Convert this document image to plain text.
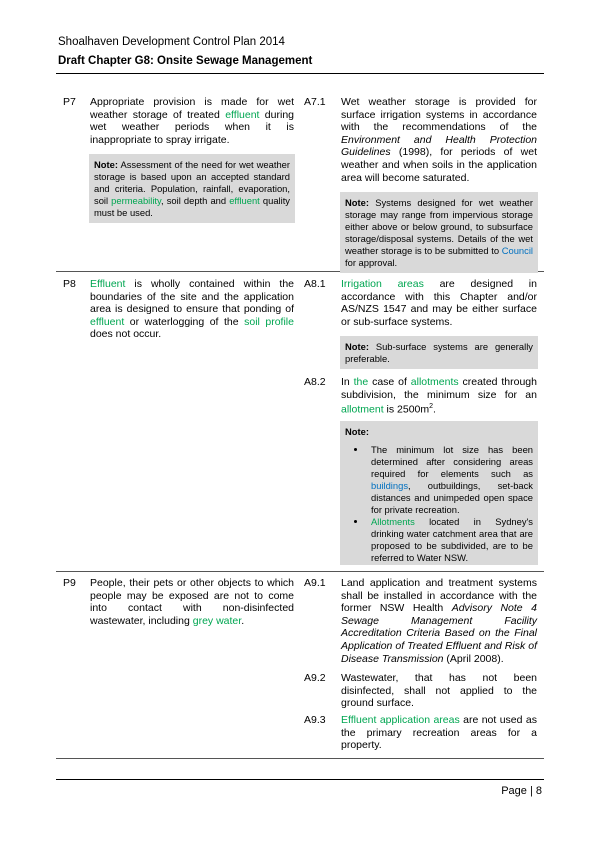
Shoalhaven Development Control Plan 2014
Draft Chapter G8: Onsite Sewage Management
P7 Appropriate provision is made for wet weather storage of treated effluent during wet weather periods when it is inappropriate to spray irrigate.
Note: Assessment of the need for wet weather storage is based upon an accepted standard and criteria. Population, rainfall, evaporation, soil permeability, soil depth and effluent quality must be used.
A7.1 Wet weather storage is provided for surface irrigation systems in accordance with the recommendations of the Environment and Health Protection Guidelines (1998), for periods of wet weather and when soils in the application area will become saturated.
Note: Systems designed for wet weather storage may range from impervious storage either above or below ground, to subsurface storage/disposal systems. Details of the wet weather storage is to be submitted to Council for approval.
P8 Effluent is wholly contained within the boundaries of the site and the application area is designed to ensure that ponding of effluent or waterlogging of the soil profile does not occur.
A8.1 Irrigation areas are designed in accordance with this Chapter and/or AS/NZS 1547 and may be either surface or sub-surface systems.
Note: Sub-surface systems are generally preferable.
A8.2 In the case of allotments created through subdivision, the minimum size for an allotment is $2500m^2$.
Note:
• The minimum lot size has been determined after considering areas required for elements such as buildings, outbuildings, set-back distances and unimpeded open space for private recreation.
• Allotments located in Sydney's drinking water catchment area that are proposed to be subdivided, are to be referred to Water NSW.
P9 People, their pets or other objects to which people may be exposed are not to come into contact with non-disinfected wastewater, including grey water.
A9.1 Land application and treatment systems shall be installed in accordance with the former NSW Health Advisory Note 4 Sewage Management Facility Accreditation Criteria Based on the Final Application of Treated Effluent and Risk of Disease Transmission (April 2008).
A9.2 Wastewater, that has not been disinfected, shall not applied to the ground surface.
A9.3 Effluent application areas are not used as the primary recreation areas for a property.
Page | 8
